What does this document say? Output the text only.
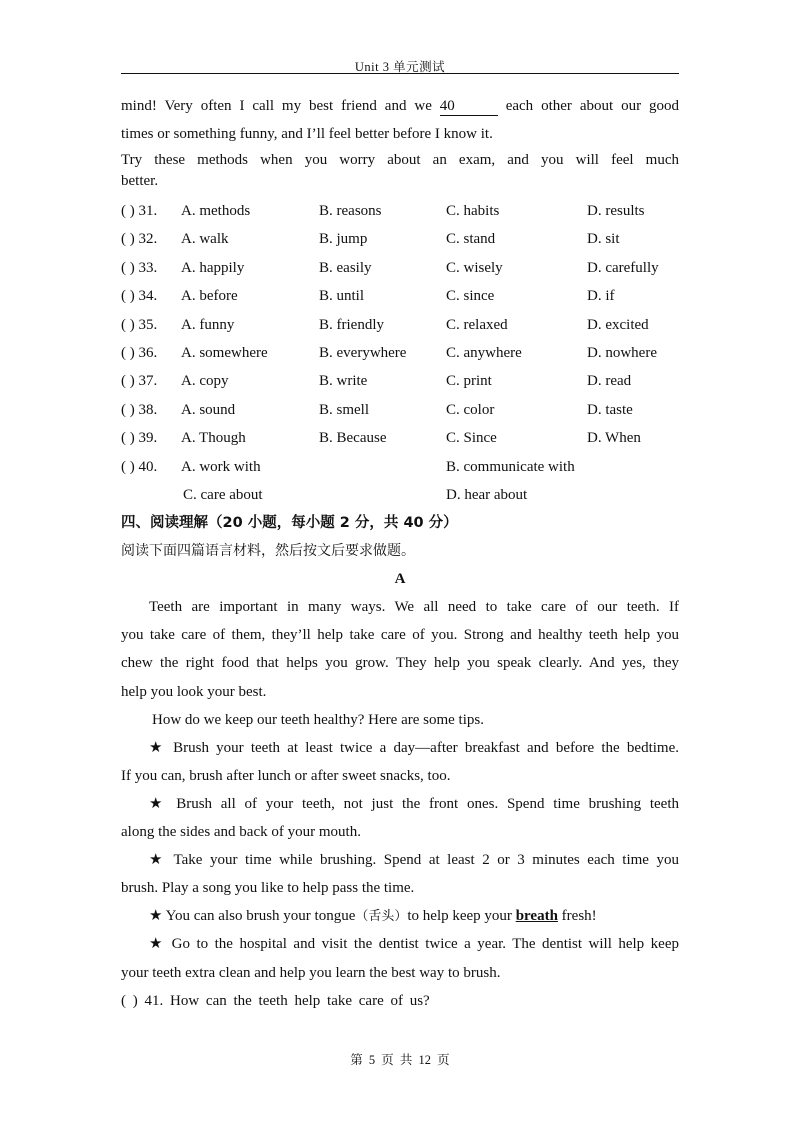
Unit 3 单元测试
mind! Very often I call my best friend and we 40	each other about our good
times or something funny, and I’ll feel better before I know it.
Try these methods when you worry about an exam, and you will feel much
better.
( ) 31. A. methods	B. reasons	C. habits	D. results
( ) 32. A. walk	B. jump	C. stand	D. sit
( ) 33. A. happily	B. easily	C. wisely	D. carefully
( ) 34. A. before	B. until	C. since	D. if
( ) 35. A. funny	B. friendly	C. relaxed	D. excited
( ) 36. A. somewhere	B. everywhere	C. anywhere	D. nowhere
( ) 37. A. copy	B. write	C. print	D. read
( ) 38. A. sound	B. smell	C. color	D. taste
( ) 39. A. Though	B. Because	C. Since	D. When
( ) 40. A. work with	B. communicate with
C. care about	D. hear about
四、阅读理解（20 小题，每小题 2 分，共 40 分）
阅读下面四篇语言材料，然后按文后要求做题。
A
Teeth are important in many ways. We all need to take care of our teeth. If
you take care of them, they’ll help take care of you. Strong and healthy teeth help you
chew the right food that helps you grow. They help you speak clearly. And yes, they
help you look your best.
How do we keep our teeth healthy? Here are some tips.
★ Brush your teeth at least twice a day—after breakfast and before the bedtime.
If you can, brush after lunch or after sweet snacks, too.
★ Brush all of your teeth, not just the front ones. Spend time brushing teeth
along the sides and back of your mouth.
★ Take your time while brushing. Spend at least 2 or 3 minutes each time you
brush. Play a song you like to help pass the time.
★ You can also brush your tongue（舌头）to help keep your breath fresh!
★ Go to the hospital and visit the dentist twice a year. The dentist will help keep
your teeth extra clean and help you learn the best way to brush.
( ) 41. How can the teeth help take care of us?
第 5 页 共 12 页
